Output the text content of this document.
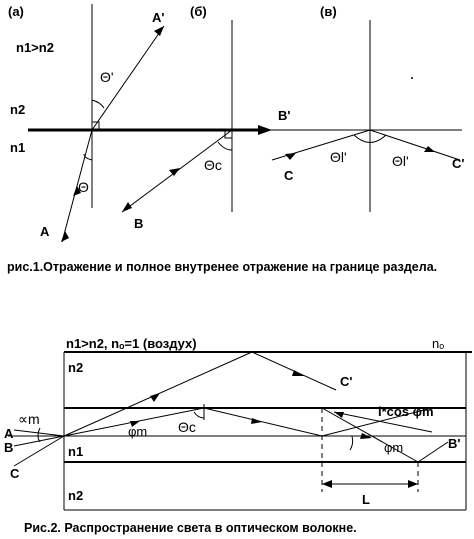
(a)	(б)	(в)
n1>n2
n2
n1
A'
A
Θ'
Θ
Θc
B
B'
C
C'
Θl'	Θl'
рис.1.Отражение и полное внутренее отражение на границе раздела.
n1>n2, nₒ=1 (воздух)	nₒ
n2
n1
n2
A
B
C
∝m
C'
Θc
φm
B'
l*cos φm
φm
L
Рис.2. Распространение света в оптическом волокне.
